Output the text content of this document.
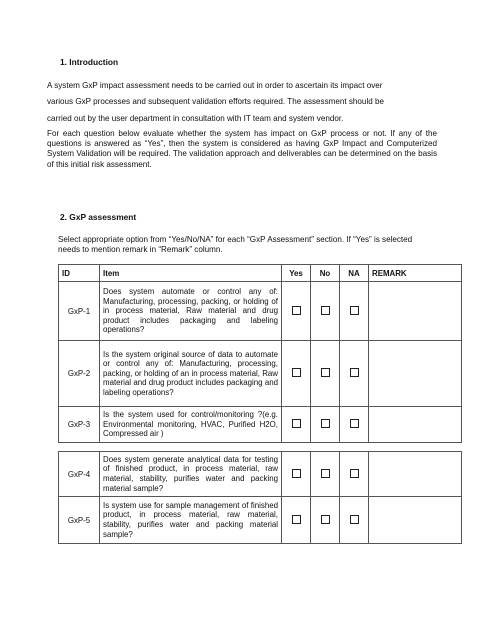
1. Introduction
A system GxP impact assessment needs to be carried out in order to ascertain its impact over
various GxP processes and subsequent validation efforts required. The assessment should be
carried out by the user department in consultation with IT team and system vendor.
For each question below evaluate whether the system has impact on GxP process or not. If any of the questions is answered as “Yes”, then the system is considered as having GxP Impact and Computerized System Validation will be required. The validation approach and deliverables can be determined on the basis of this initial risk assessment.
2. GxP assessment
Select appropriate option from “Yes/No/NA” for each “GxP Assessment” section. If “Yes” is selected needs to mention remark in “Remark” column.
ID	Item	Yes	No	NA	REMARK
GxP-1	Does system automate or control any of: Manufacturing, processing, packing, or holding of in process material, Raw material and drug product includes packaging and labeling operations?				
GxP-2	Is the system original source of data to automate or control any of: Manufacturing, processing, packing, or holding of an in process material, Raw material and drug product includes packaging and labeling operations?				
GxP-3	Is the system used for control/monitoring ?(e.g. Environmental monitoring, HVAC, Purified H2O, Compressed air )				
GxP-4	Does system generate analytical data for testing of finished product, in process material, raw material, stability, purifies water and packing material sample?				
GxP-5	Is system use for sample management of finished product, in process material, raw material, stability, purifies water and packing material sample?				
